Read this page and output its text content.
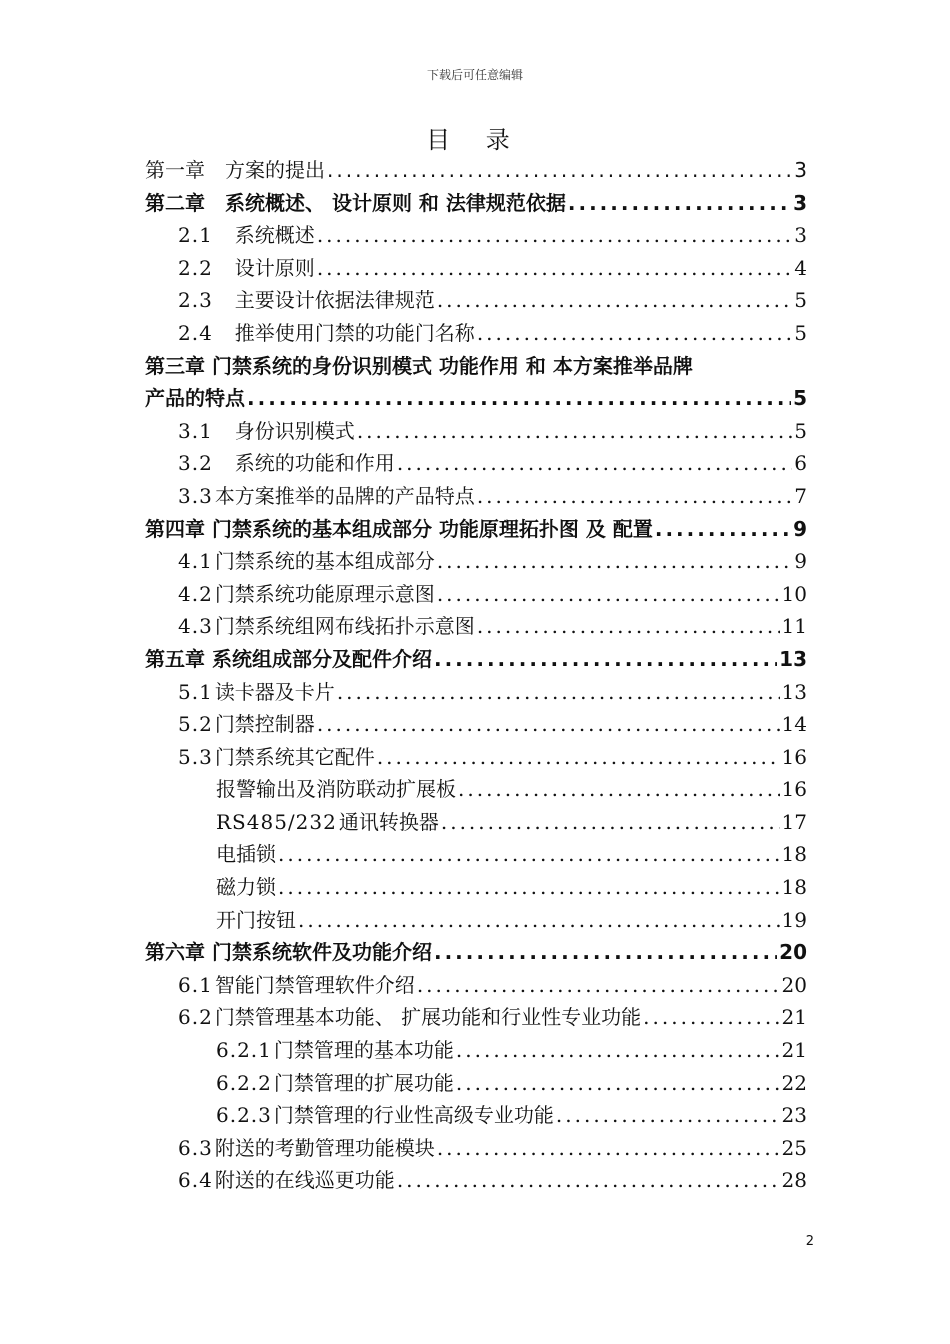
下载后可任意编辑
目 录
第一章　方案的提出 .....	3
第二章　系统概述、 设计原则 和 法律规范依据 .....	3
2.1 　系统概述 .....	3
2.2 　设计原则 .....	4
2.3 　主要设计依据法律规范 .....	5
2.4 　推举使用门禁的功能门名称 .....	5
第三章 门禁系统的身份识别模式 功能作用 和 本方案推举品牌
产品的特点 .....	5
3.1 　身份识别模式 .....	5
3.2 　系统的功能和作用 .....	6
3.3 本方案推举的品牌的产品特点 .....	7
第四章 门禁系统的基本组成部分 功能原理拓扑图 及 配置 .....	9
4.1 门禁系统的基本组成部分 .....	9
4.2 门禁系统功能原理示意图 .....	10
4.3 门禁系统组网布线拓扑示意图 .....	11
第五章 系统组成部分及配件介绍 .....	13
5.1 读卡器及卡片 .....	13
5.2 门禁控制器 .....	14
5.3 门禁系统其它配件 .....	16
报警输出及消防联动扩展板 .....	16
RS485/232 通讯转换器 .....	17
电插锁 .....	18
磁力锁 .....	18
开门按钮 .....	19
第六章 门禁系统软件及功能介绍 .....	20
6.1 智能门禁管理软件介绍 .....	20
6.2 门禁管理基本功能、 扩展功能和行业性专业功能 .....	21
6.2.1 门禁管理的基本功能 .....	21
6.2.2 门禁管理的扩展功能 .....	22
6.2.3 门禁管理的行业性高级专业功能 .....	23
6.3 附送的考勤管理功能模块 .....	25
6.4 附送的在线巡更功能 .....	28
2
